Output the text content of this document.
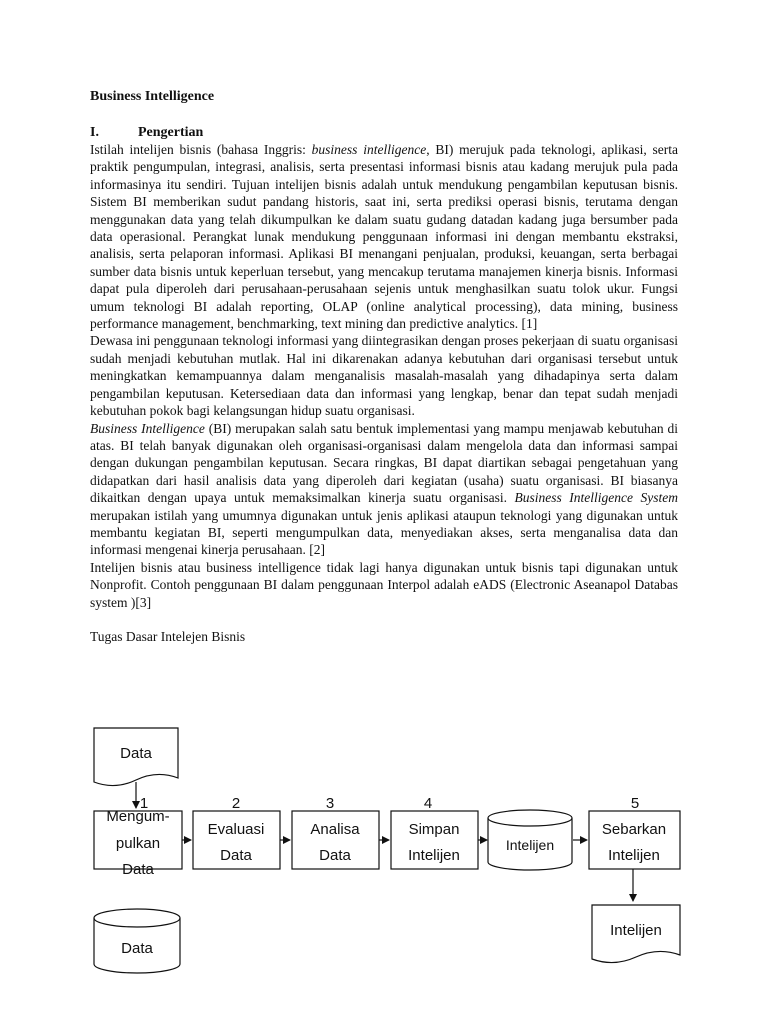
Business Intelligence

I.	Pengertian

Istilah intelijen bisnis (bahasa Inggris: business intelligence, BI) merujuk pada teknologi, aplikasi, serta praktik pengumpulan, integrasi, analisis, serta presentasi informasi bisnis atau kadang merujuk pula pada informasinya itu sendiri. Tujuan intelijen bisnis adalah untuk mendukung pengambilan keputusan bisnis. Sistem BI memberikan sudut pandang historis, saat ini, serta prediksi operasi bisnis, terutama dengan menggunakan data yang telah dikumpulkan ke dalam suatu gudang datadan kadang juga bersumber pada data operasional. Perangkat lunak mendukung penggunaan informasi ini dengan membantu ekstraksi, analisis, serta pelaporan informasi. Aplikasi BI menangani penjualan, produksi, keuangan, serta berbagai sumber data bisnis untuk keperluan tersebut, yang mencakup terutama manajemen kinerja bisnis. Informasi dapat pula diperoleh dari perusahaan-perusahaan sejenis untuk menghasilkan suatu tolok ukur. Fungsi umum teknologi BI adalah reporting, OLAP (online analytical processing), data mining, business performance management, benchmarking, text mining dan predictive analytics. [1]

Dewasa ini penggunaan teknologi informasi yang diintegrasikan dengan proses pekerjaan di suatu organisasi sudah menjadi kebutuhan mutlak. Hal ini dikarenakan adanya kebutuhan dari organisasi tersebut untuk meningkatkan kemampuannya dalam menganalisis masalah-masalah yang dihadapinya serta dalam pengambilan keputusan. Ketersediaan data dan informasi yang lengkap, benar dan tepat sudah menjadi kebutuhan pokok bagi kelangsungan hidup suatu organisasi.

Business Intelligence (BI) merupakan salah satu bentuk implementasi yang mampu menjawab kebutuhan di atas. BI telah banyak digunakan oleh organisasi-organisasi dalam mengelola data dan informasi sampai dengan dukungan pengambilan keputusan. Secara ringkas, BI dapat diartikan sebagai pengetahuan yang didapatkan dari hasil analisis data yang diperoleh dari kegiatan (usaha) suatu organisasi. BI biasanya dikaitkan dengan upaya untuk memaksimalkan kinerja suatu organisasi. Business Intelligence System merupakan istilah yang umumnya digunakan untuk jenis aplikasi ataupun teknologi yang digunakan untuk membantu kegiatan BI, seperti mengumpulkan data, menyediakan akses, serta menganalisa data dan informasi mengenai kinerja perusahaan. [2]

Intelijen bisnis atau business intelligence tidak lagi hanya digunakan untuk bisnis tapi digunakan untuk Nonprofit. Contoh penggunaan BI dalam penggunaan Interpol adalah eADS (Electronic Aseanapol Databas system )[3]

Tugas Dasar Intelejen Bisnis

Data
1	2	3	4	5
Mengum-
pulkan
Data
Evaluasi
Data
Analisa
Data
Simpan
Intelijen
Intelijen
Sebarkan
Intelijen
Data
Intelijen
